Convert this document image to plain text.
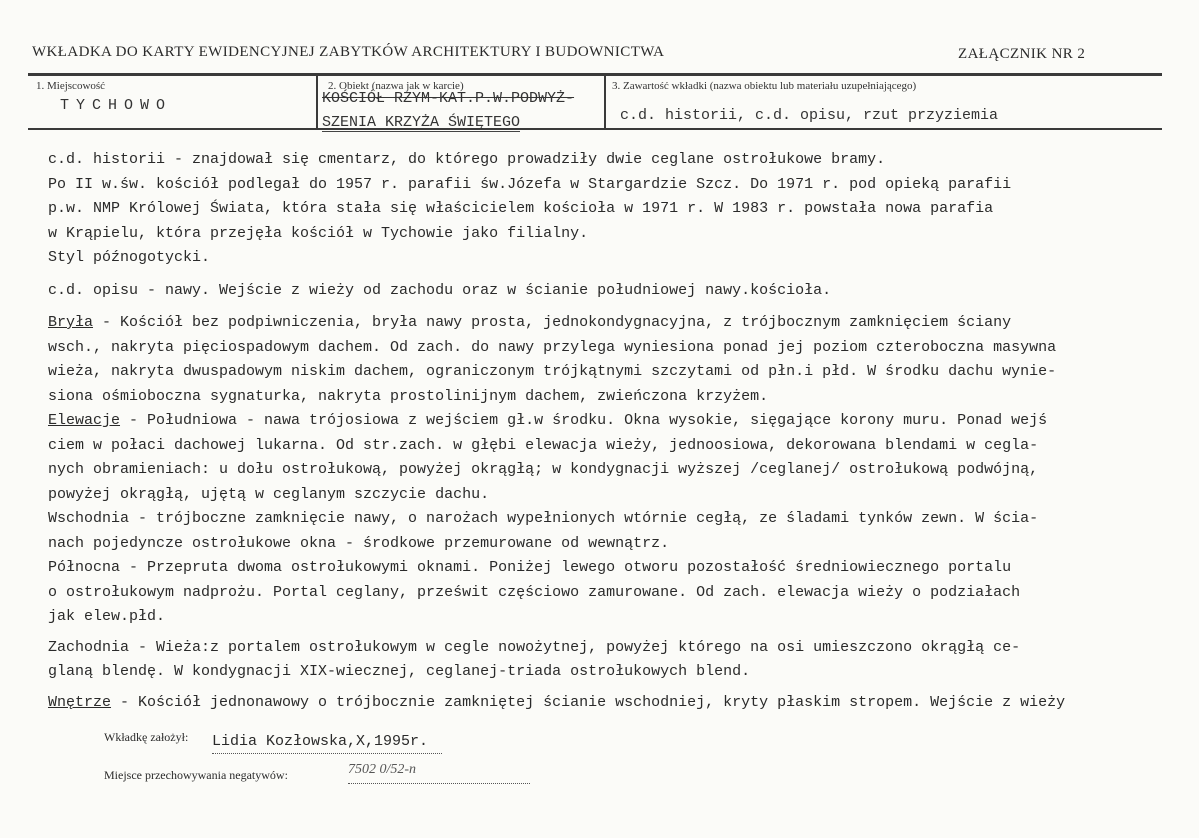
WKŁADKA DO KARTY EWIDENCYJNEJ ZABYTKÓW ARCHITEKTURY I BUDOWNICTWA	ZAŁĄCZNIK NR 2
1. Miejscowość	2. Obiekt (nazwa jak w karcie)	3. Zawartość wkładki (nazwa obiektu lub materiału uzupełniającego)
TYCHOWO	KOŚCIÓŁ RZYM-KAT.P.W.PODWYŻ-
SZENIA KRZYŻA ŚWIĘTEGO	c.d. historii, c.d. opisu, rzut przyziemia

c.d. historii - znajdował się cmentarz, do którego prowadziły dwie ceglane ostrołukowe bramy.

Po II w.św. kościół podlegał do 1957 r. parafii św.Józefa w Stargardzie Szcz. Do 1971 r. pod opieką parafii

p.w. NMP Królowej Świata, która stała się właścicielem kościoła w 1971 r. W 1983 r. powstała nowa parafia

w Krąpielu, która przejęła kościół w Tychowie jako filialny.

Styl późnogotycki.

c.d. opisu - nawy. Wejście z wieży od zachodu oraz w ścianie południowej nawy.kościoła.

Bryła - Kościół bez podpiwniczenia, bryła nawy prosta, jednokondygnacyjna, z trójbocznym zamknięciem ściany

wsch., nakryta pięciospadowym dachem. Od zach. do nawy przylega wyniesiona ponad jej poziom czteroboczna masywna

wieża, nakryta dwuspadowym niskim dachem, ograniczonym trójkątnymi szczytami od płn.i płd. W środku dachu wynie-

siona ośmioboczna sygnaturka, nakryta prostolinijnym dachem, zwieńczona krzyżem.

Elewacje - Południowa - nawa trójosiowa z wejściem gł.w środku. Okna wysokie, sięgające korony muru. Ponad wejś

ciem w połaci dachowej lukarna. Od str.zach. w głębi elewacja wieży, jednoosiowa, dekorowana blendami w cegla-

nych obramieniach: u dołu ostrołukową, powyżej okrągłą; w kondygnacji wyższej /ceglanej/ ostrołukową podwójną,

powyżej okrągłą, ujętą w ceglanym szczycie dachu.

Wschodnia - trójboczne zamknięcie nawy, o narożach wypełnionych wtórnie cegłą, ze śladami tynków zewn. W ścia-

nach pojedyncze ostrołukowe okna - środkowe przemurowane od wewnątrz.

Północna - Przepruta dwoma ostrołukowymi oknami. Poniżej lewego otworu pozostałość średniowiecznego portalu

o ostrołukowym nadprożu. Portal ceglany, prześwit częściowo zamurowane. Od zach. elewacja wieży o podziałach

jak elew.płd.

Zachodnia - Wieża:z portalem ostrołukowym w cegle nowożytnej, powyżej którego na osi umieszczono okrągłą ce-

glaną blendę. W kondygnacji XIX-wiecznej, ceglanej-triada ostrołukowych blend.

Wnętrze - Kościół jednonawowy o trójbocznie zamkniętej ścianie wschodniej, kryty płaskim stropem. Wejście z wieży

Wkładkę założył: Lidia Kozłowska,X,1995r.
Miejsce przechowywania negatywów:	7502 0/52-n
